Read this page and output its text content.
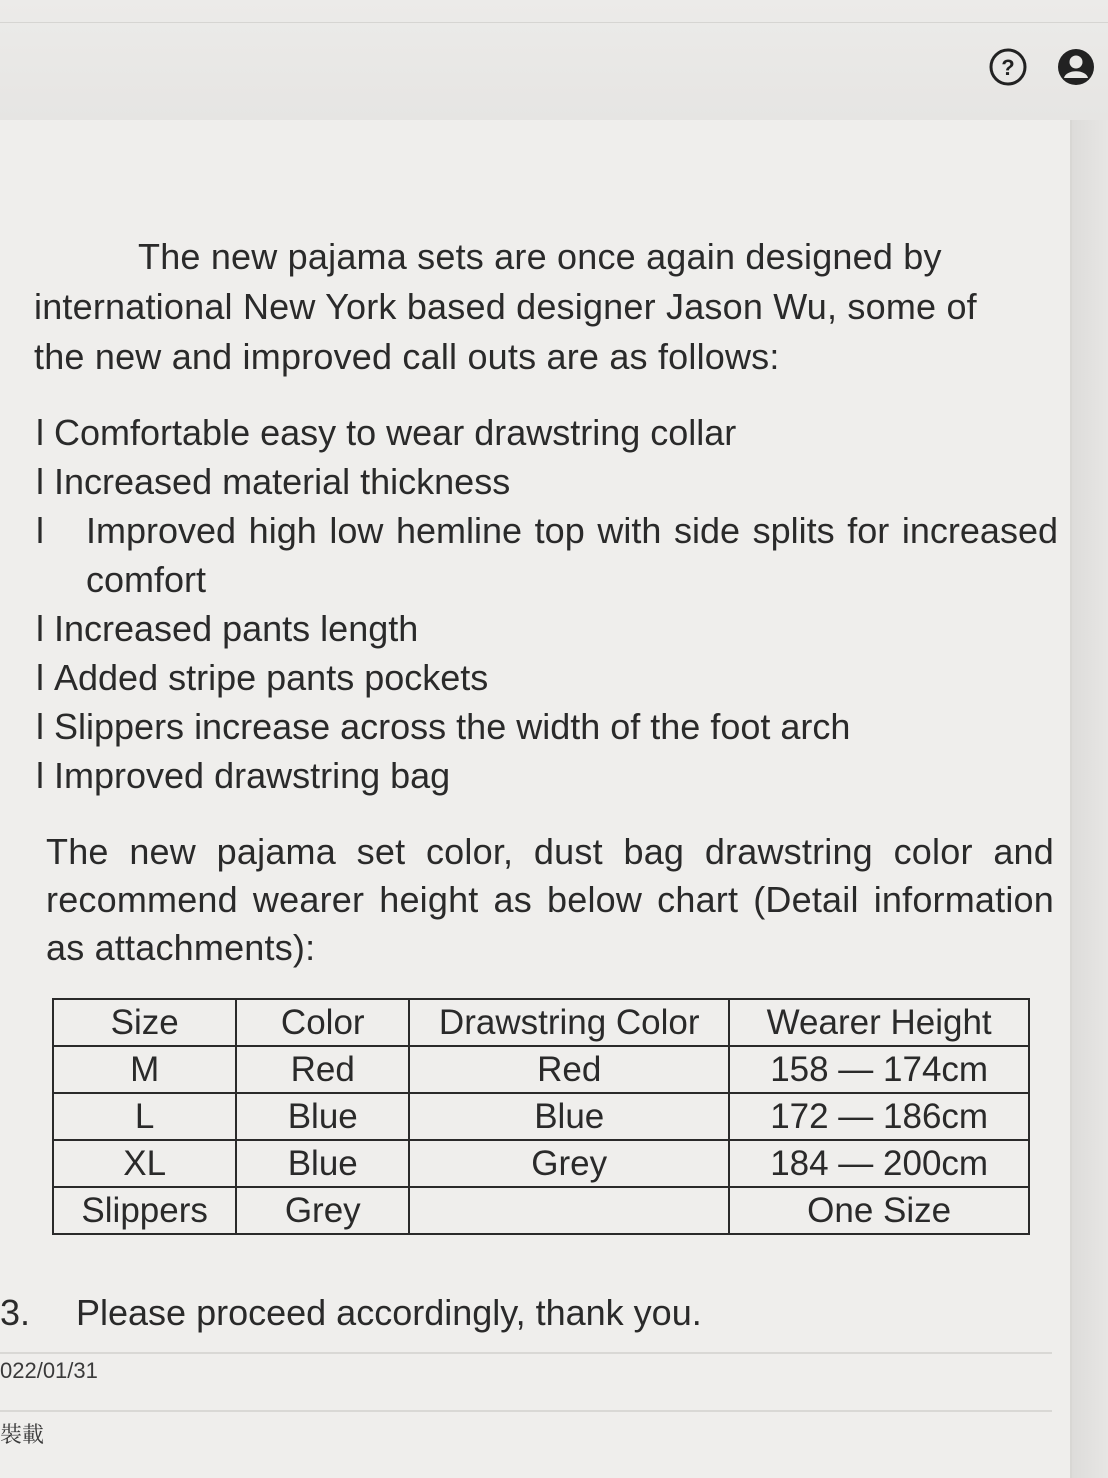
?
The new pajama sets are once again designed by
international New York based designer Jason Wu, some of
the new and improved call outs are as follows:
l Comfortable easy to wear drawstring collar
l Increased material thickness
l Improved high low hemline top with side splits for increased comfort
l Increased pants length
l Added stripe pants pockets
l Slippers increase across the width of the foot arch
l Improved drawstring bag
The new pajama set color, dust bag drawstring color and recommend wearer height as below chart (Detail information as attachments):
Size	Color	Drawstring Color	Wearer Height
M	Red	Red	158 — 174cm
L	Blue	Blue	172 — 186cm
XL	Blue	Grey	184 — 200cm
Slippers	Grey		One Size
3. Please proceed accordingly, thank you.
022/01/31
裝載
